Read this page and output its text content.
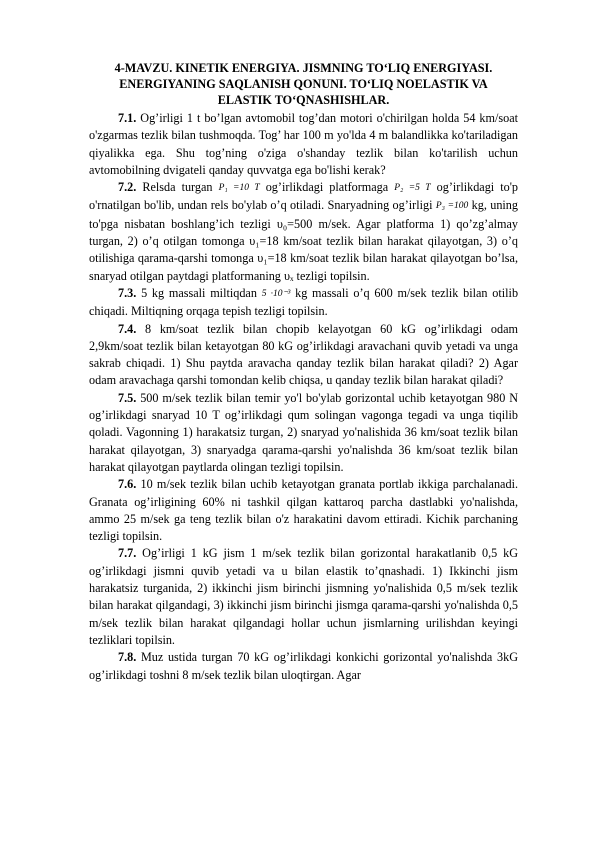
4-MAVZU. KINETIK ENERGIYA. JISMNING TO‘LIQ ENERGIYASI.
ENERGIYANING SAQLANISH QONUNI. TO‘LIQ NOELASTIK VA
ELASTIK TO‘QNASHISHLAR.

7.1. Og’irligi 1 t bo’lgan avtomobil tog’dan motori o'chirilgan holda 54 km/soat o'zgarmas tezlik bilan tushmoqda. Tog’ har 100 m yo'lda 4 m balandlikka ko'tariladigan qiyalikka ega. Shu tog’ning o'ziga o'shanday tezlik bilan ko'tarilish uchun avtomobilning dvigateli qanday quvvatga ega bo'lishi kerak?

7.2. Relsda turgan P₁ =10 T og’irlikdagi platformaga P₂ =5 T og’irlikdagi to'p o'rnatilgan bo'lib, undan rels bo'ylab o’q otiladi. Snaryadning og’irligi P₃ =100 kg, uning to'pga nisbatan boshlang’ich tezligi υ₀=500 m/sek. Agar platforma 1) qo’zg’almay turgan, 2) o’q otilgan tomonga υ₁=18 km/soat tezlik bilan harakat qilayotgan, 3) o’q otilishiga qarama-qarshi tomonga υ₁=18 km/soat tezlik bilan harakat qilayotgan bo’lsa, snaryad otilgan paytdagi platformaning υₓ tezligi topilsin.

7.3. 5 kg massali miltiqdan 5 ·10⁻³ kg massali o’q 600 m/sek tezlik bilan otilib chiqadi. Miltiqning orqaga tepish tezligi topilsin.

7.4. 8 km/soat tezlik bilan chopib kelayotgan 60 kG og’irlikdagi odam 2,9km/soat tezlik bilan ketayotgan 80 kG og’irlikdagi aravachani quvib yetadi va unga sakrab chiqadi. 1) Shu paytda aravacha qanday tezlik bilan harakat qiladi? 2) Agar odam aravachaga qarshi tomondan kelib chiqsa, u qanday tezlik bilan harakat qiladi?

7.5. 500 m/sek tezlik bilan temir yo'l bo'ylab gorizontal uchib ketayotgan 980 N og’irlikdagi snaryad 10 T og’irlikdagi qum solingan vagonga tegadi va unga tiqilib qoladi. Vagonning 1) harakatsiz turgan, 2) snaryad yo'nalishida 36 km/soat tezlik bilan harakat qilayotgan, 3) snaryadga qarama-qarshi yo'nalishda 36 km/soat tezlik bilan harakat qilayotgan paytlarda olingan tezligi topilsin.

7.6. 10 m/sek tezlik bilan uchib ketayotgan granata portlab ikkiga parchalanadi. Granata og’irligining 60% ni tashkil qilgan kattaroq parcha dastlabki yo'nalishda, ammo 25 m/sek ga teng tezlik bilan o'z harakatini davom ettiradi. Kichik parchaning tezligi topilsin.

7.7. Og’irligi 1 kG jism 1 m/sek tezlik bilan gorizontal harakatlanib 0,5 kG og’irlikdagi jismni quvib yetadi va u bilan elastik to’qnashadi. 1) Ikkinchi jism harakatsiz turganida, 2) ikkinchi jism birinchi jismning yo'nalishida 0,5 m/sek tezlik bilan harakat qilgandagi, 3) ikkinchi jism birinchi jismga qarama-qarshi yo'nalishda 0,5 m/sek tezlik bilan harakat qilgandagi hollar uchun jismlarning urilishdan keyingi tezliklari topilsin.

7.8. Muz ustida turgan 70 kG og’irlikdagi konkichi gorizontal yo'nalishda 3kG og’irlikdagi toshni 8 m/sek tezlik bilan uloqtirgan. Agar
